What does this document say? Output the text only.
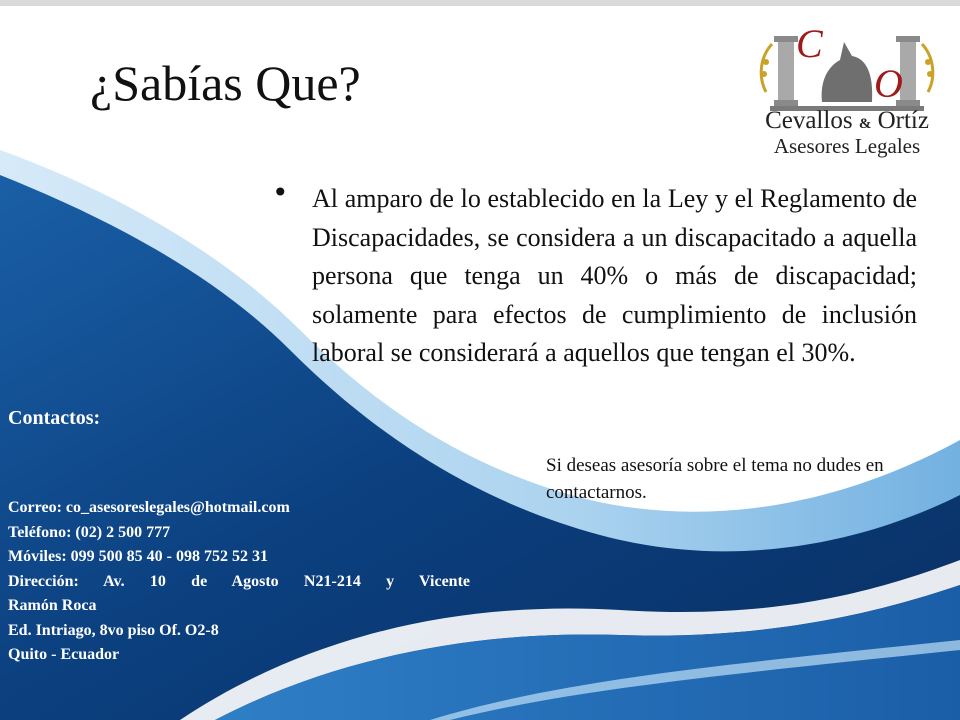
¿Sabías Que?
C
O
Cevallos & Ortíz
Asesores Legales
• Al amparo de lo establecido en la Ley y el Reglamento de Discapacidades, se considera a un discapacitado a aquella persona que tenga un 40% o más de discapacidad; solamente para efectos de cumplimiento de inclusión laboral se considerará a aquellos que tengan el 30%.

Si deseas asesoría sobre el tema no dudes en contactarnos.

Contactos:
Correo: co_asesoreslegales@hotmail.com
Teléfono: (02) 2 500 777
Móviles: 099 500 85 40 - 098 752 52 31
Dirección: Av. 10 de Agosto N21-214 y Vicente
Ramón Roca
Ed. Intriago, 8vo piso Of. O2-8
Quito - Ecuador
